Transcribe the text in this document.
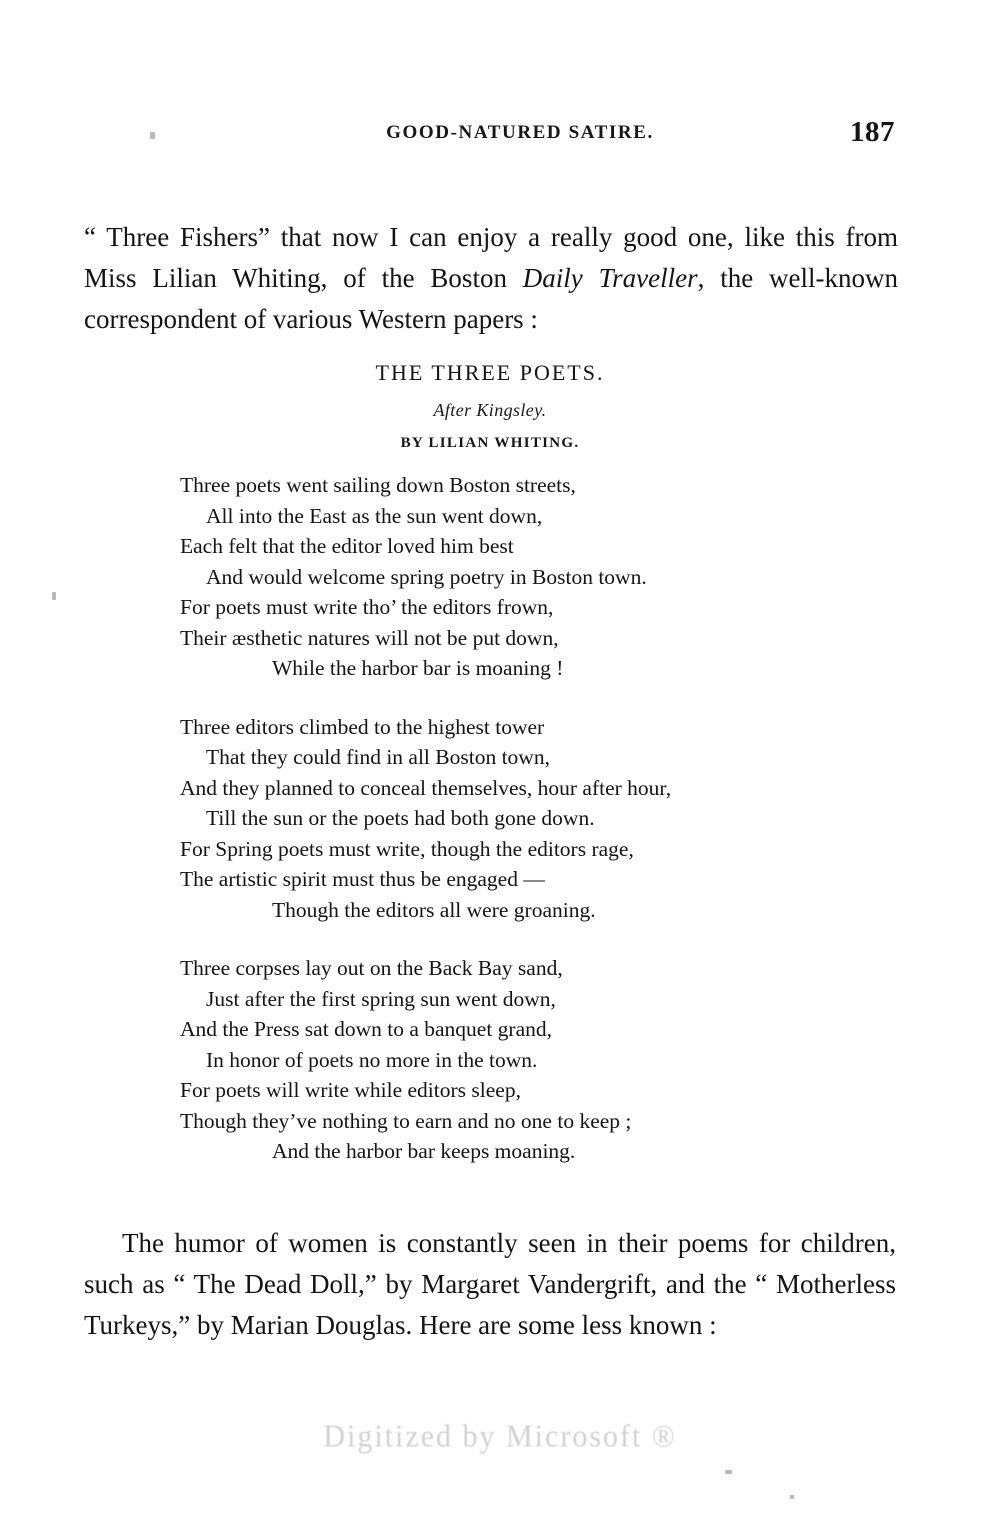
GOOD-NATURED SATIRE.	187

“ Three Fishers” that now I can enjoy a really good one, like this from Miss Lilian Whiting, of the Boston Daily Traveller, the well-known correspondent of various Western papers :

THE THREE POETS.
After Kingsley.
BY LILIAN WHITING.
Three poets went sailing down Boston streets,
All into the East as the sun went down,
Each felt that the editor loved him best
And would welcome spring poetry in Boston town.
For poets must write tho’ the editors frown,
Their æsthetic natures will not be put down,
While the harbor bar is moaning !
Three editors climbed to the highest tower
That they could find in all Boston town,
And they planned to conceal themselves, hour after hour,
Till the sun or the poets had both gone down.
For Spring poets must write, though the editors rage,
The artistic spirit must thus be engaged —
Though the editors all were groaning.
Three corpses lay out on the Back Bay sand,
Just after the first spring sun went down,
And the Press sat down to a banquet grand,
In honor of poets no more in the town.
For poets will write while editors sleep,
Though they’ve nothing to earn and no one to keep ;
And the harbor bar keeps moaning.

The humor of women is constantly seen in their poems for children, such as “ The Dead Doll,” by Margaret Vandergrift, and the “ Motherless Turkeys,” by Marian Douglas. Here are some less known :

Digitized by Microsoft ®
